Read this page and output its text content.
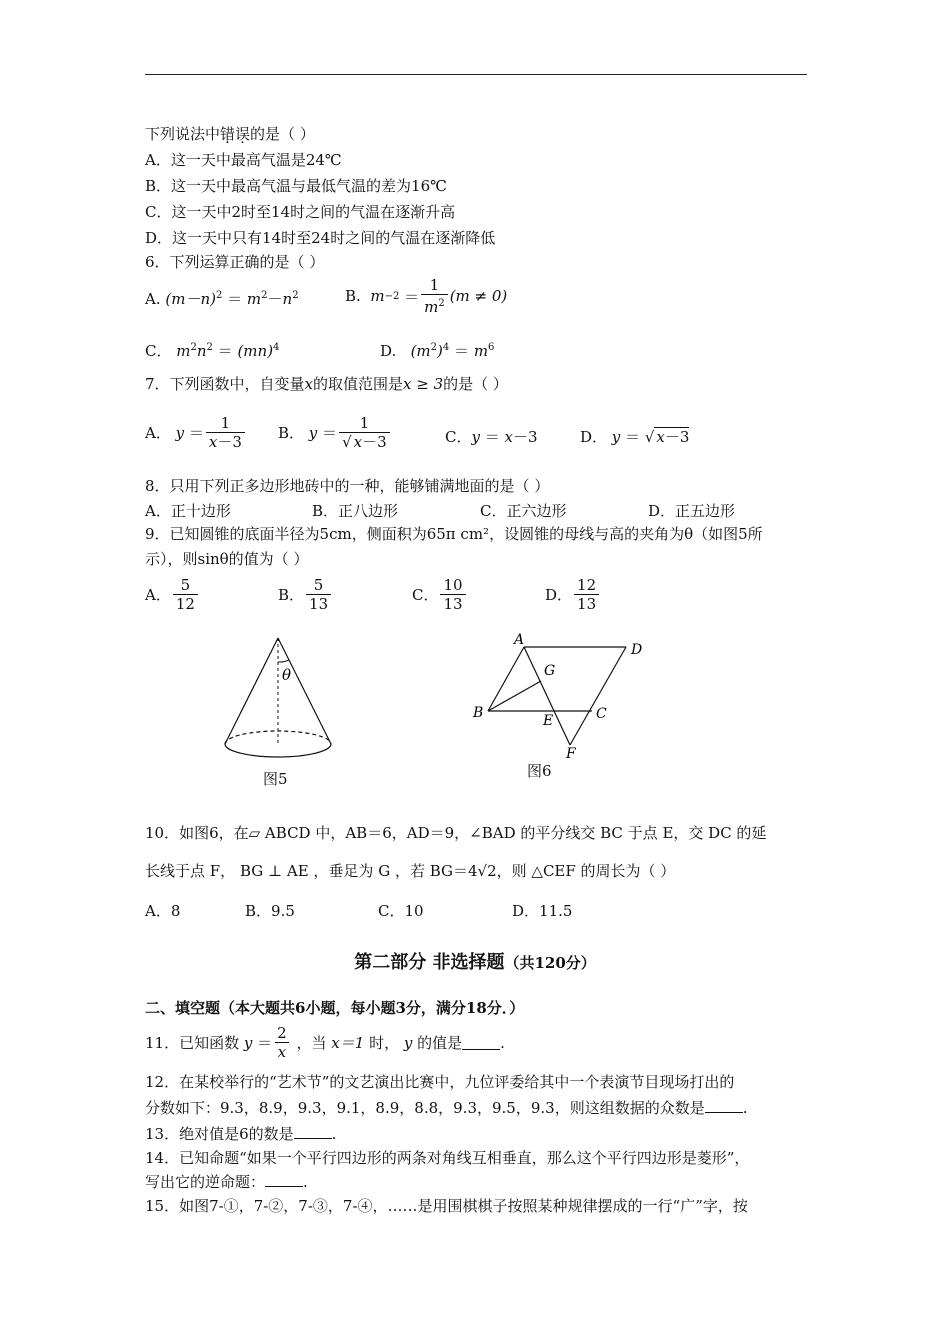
下列说法中错误的是（ ）
A．这一天中最高气温是24℃
B．这一天中最高气温与最低气温的差为16℃
C．这一天中2时至14时之间的气温在逐渐升高
D．这一天中只有14时至24时之间的气温在逐渐降低
6．下列运算正确的是（ ）
A. $(m-n)^2 = m^2-n^2$	B. $m -2 = \frac{1}{m^2} (m \ne 0)$
C． $m^2n^2 = (mn)^4$	D.   $(m^2)^4 = m^6$
7．下列函数中，自变量x的取值范围是x ≥ 3的是（ ）
A． $y = \frac{1}{x-3}$ B． $y = \frac{1}{√ x-3}$	C．y ＝ x－3	D． y ＝ √ x－3
8．只用下列正多边形地砖中的一种，能够铺满地面的是（ ）
A．正十边形	B．正八边形	C．正六边形	D．正五边形
9．已知圆锥的底面半径为5cm，侧面积为65π cm²，设圆锥的母线与高的夹角为θ（如图5所
示），则sinθ的值为（ ）
A． $\frac{5}{12}$	B． $\frac{5}{13}$	C． $\frac{10}{13}$	D． $\frac{12}{13}$
θ
图5
A
D
G
B	E	C
F
图6
10．如图6，在▱ ABCD 中，AB＝6，AD＝9，∠BAD 的平分线交 BC 于点 E，交 DC 的延
长线于点 F， BG ⊥ AE ，垂足为 G ，若 BG＝4√2，则 △CEF 的周长为（ ）
A．8	B．9.5	C．10	D．11.5
第二部分 非选择题（共120分）
二、填空题（本大题共6小题，每小题3分，满分18分．）
11．已知函数
$y = \frac{2}{x}$
，当
x＝1
时，
y
的值是	.
12．在某校举行的“艺术节”的文艺演出比赛中，九位评委给其中一个表演节目现场打出的
分数如下：9.3，8.9，9.3，9.1，8.9，8.8，9.3，9.5，9.3，则这组数据的众数是	.
13．绝对值是6的数是	.
14．已知命题“如果一个平行四边形的两条对角线互相垂直，那么这个平行四边形是菱形”，
写出它的逆命题：	.
15．如图7-①，7-②，7-③，7-④，……是用围棋棋子按照某种规律摆成的一行“广”字，按
